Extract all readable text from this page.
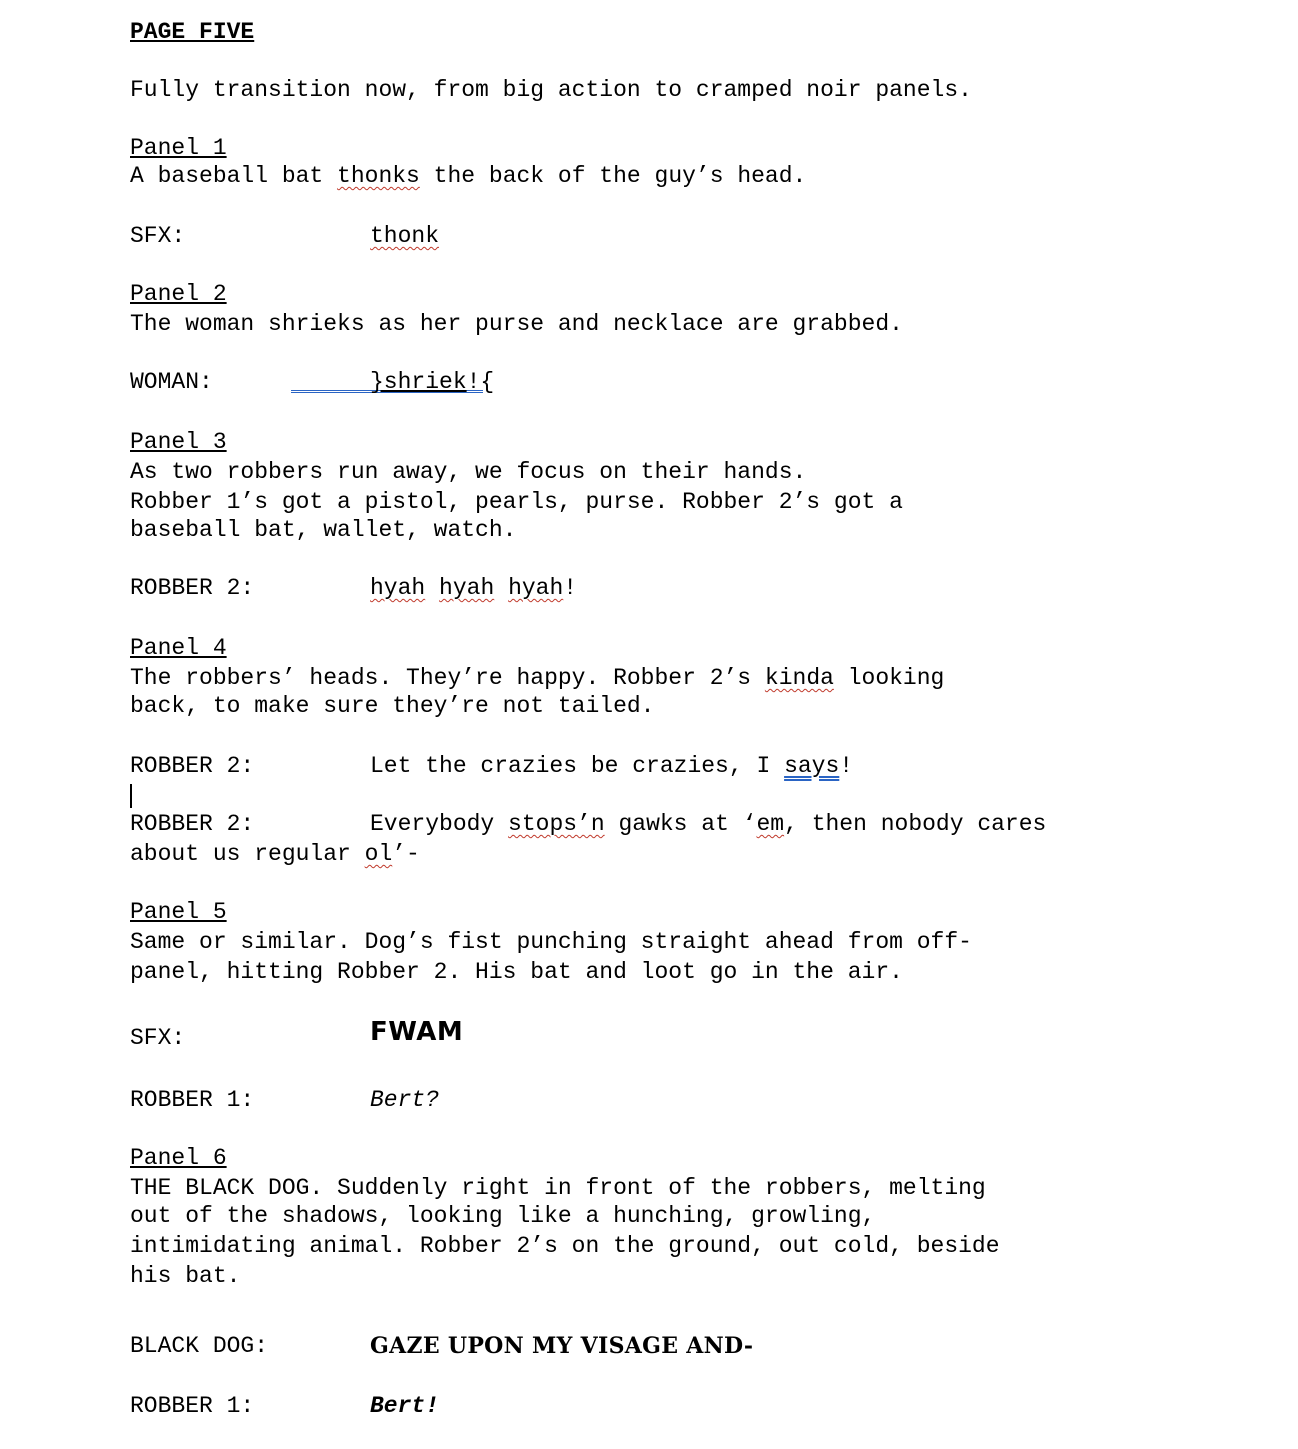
PAGE FIVE
Fully transition now, from big action to cramped noir panels.
Panel 1
A baseball bat thonks the back of the guy’s head.
SFX:	thonk
Panel 2
The woman shrieks as her purse and necklace are grabbed.
WOMAN:	}shriek!{
Panel 3
As two robbers run away, we focus on their hands.
Robber 1’s got a pistol, pearls, purse. Robber 2’s got a
baseball bat, wallet, watch.
ROBBER 2:	hyah hyah hyah!
Panel 4
The robbers’ heads. They’re happy. Robber 2’s kinda looking
back, to make sure they’re not tailed.
ROBBER 2:	Let the crazies be crazies, I says!
ROBBER 2:	Everybody stops’n gawks at ‘em, then nobody cares
about us regular ol’-
Panel 5
Same or similar. Dog’s fist punching straight ahead from off-
panel, hitting Robber 2. His bat and loot go in the air.
SFX:	FWAM
ROBBER 1:	Bert?
Panel 6
THE BLACK DOG. Suddenly right in front of the robbers, melting
out of the shadows, looking like a hunching, growling,
intimidating animal. Robber 2’s on the ground, out cold, beside
his bat.
BLACK DOG:	GAZE UPON MY VISAGE AND-
ROBBER 1:	Bert!
